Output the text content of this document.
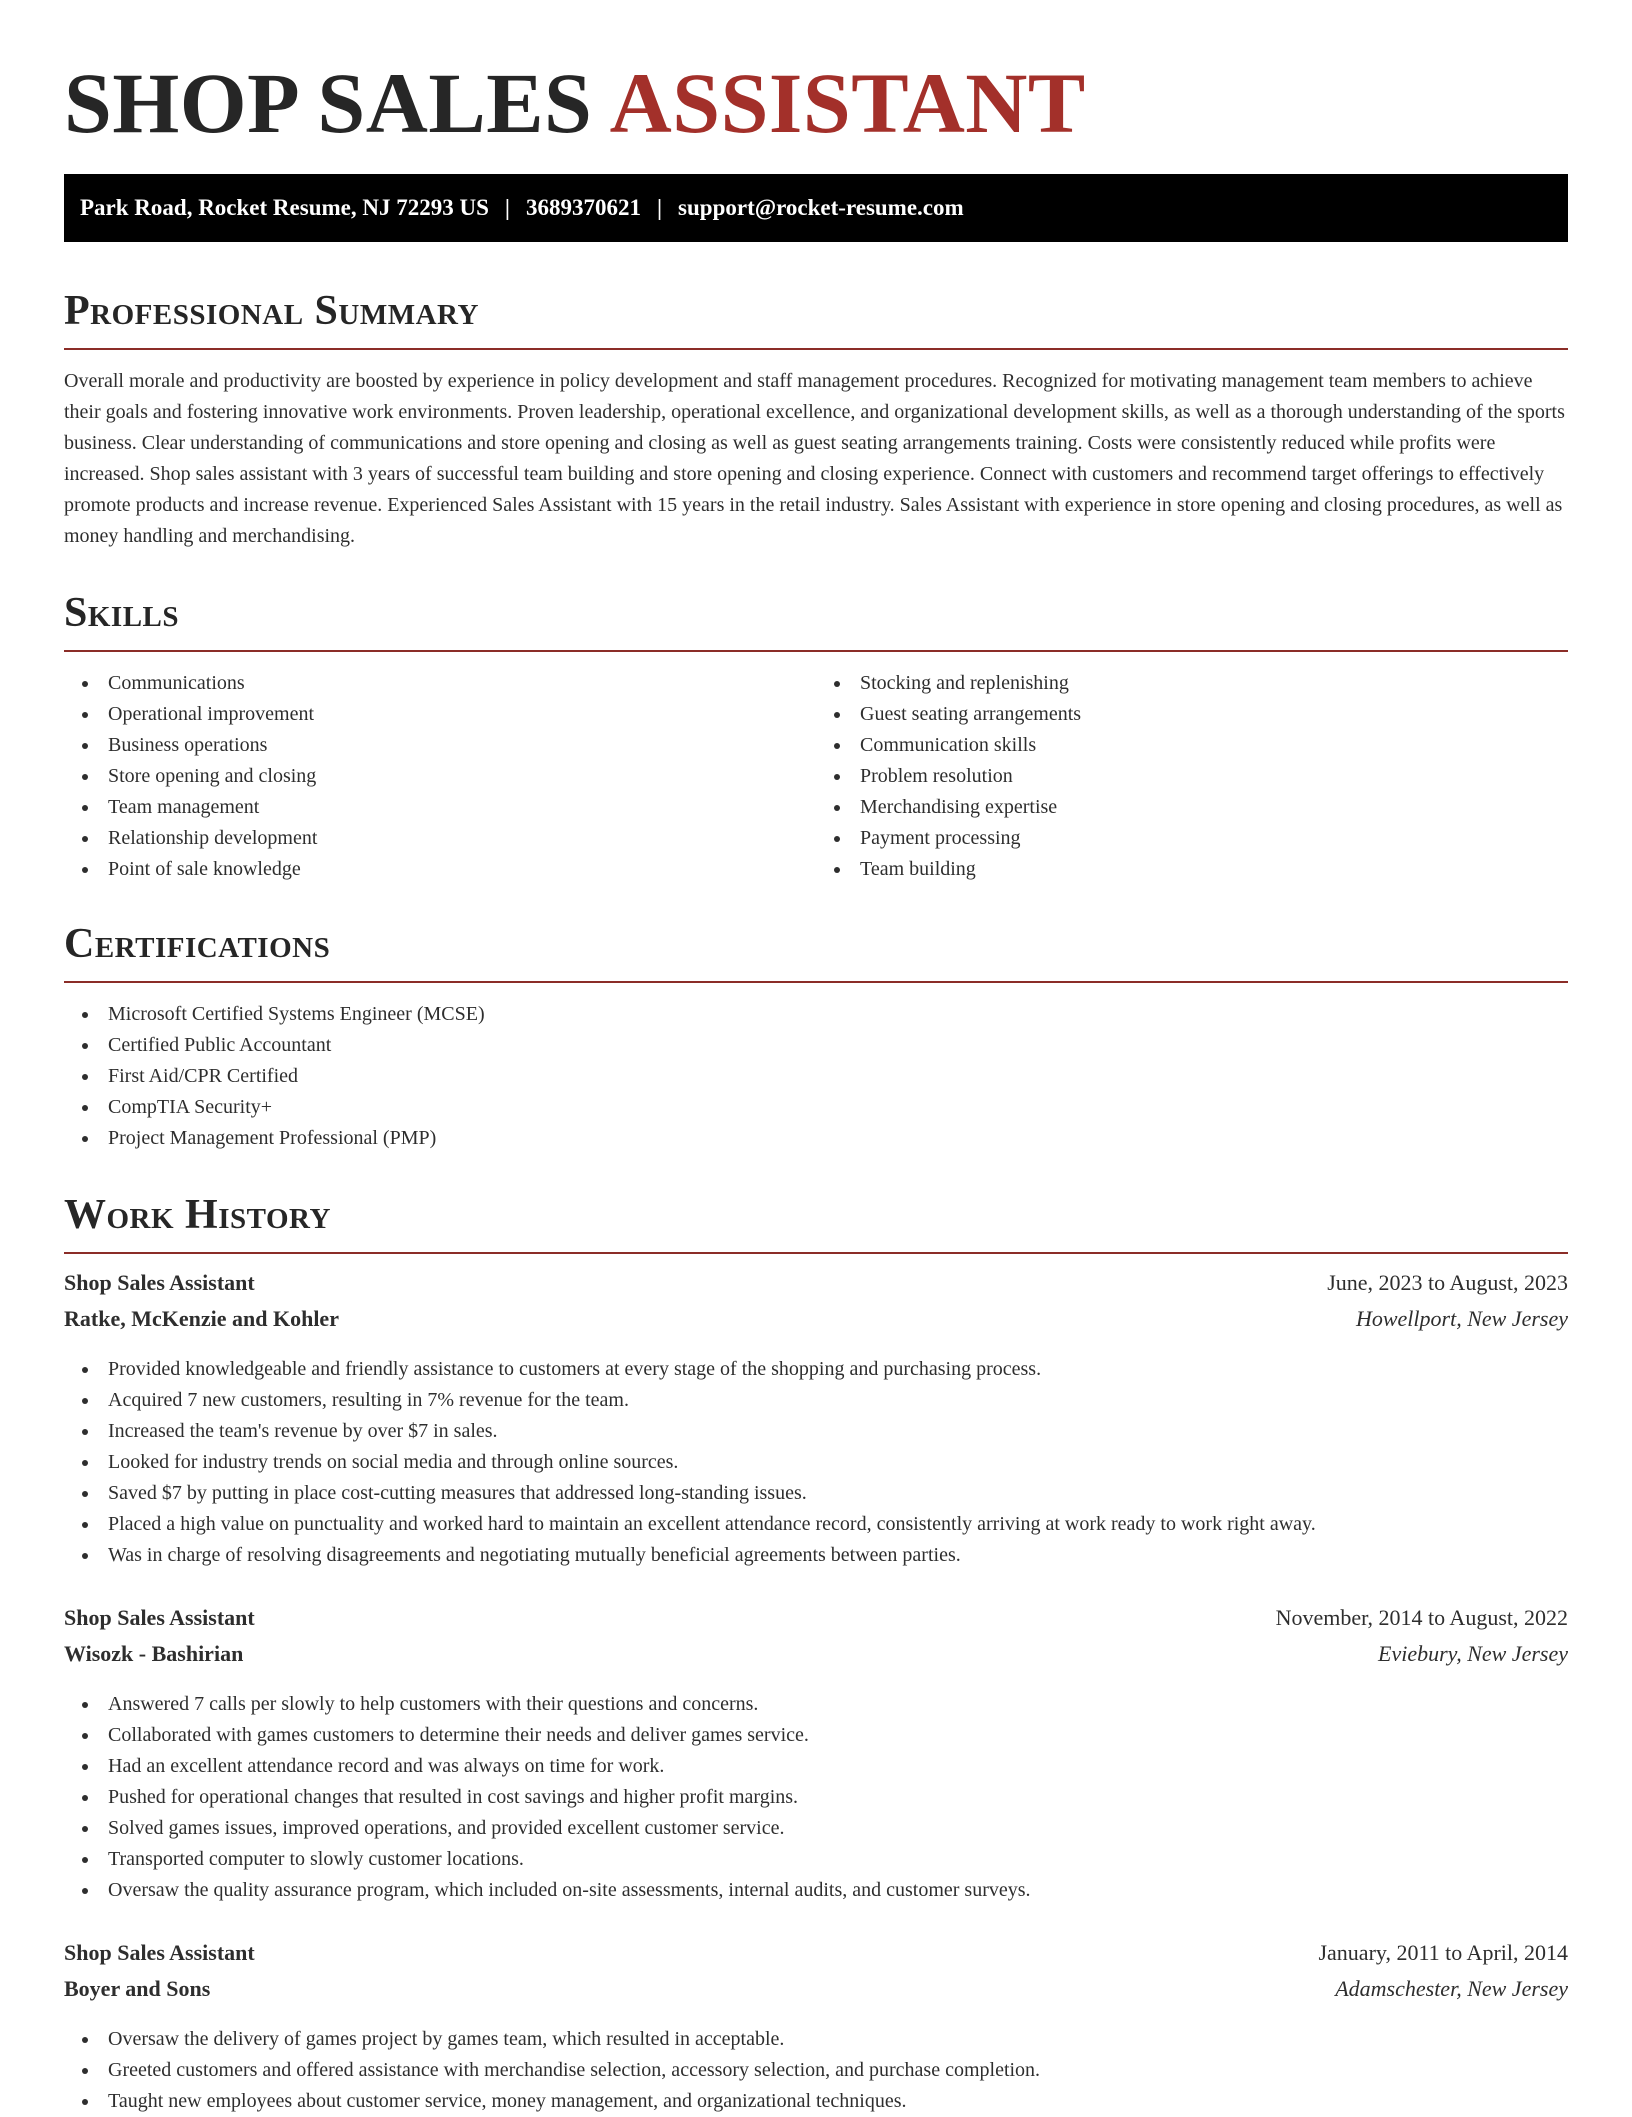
SHOP SALES ASSISTANT
Park Road, Rocket Resume, NJ 72293 US | 3689370621 | support@rocket-resume.com
Professional Summary

Overall morale and productivity are boosted by experience in policy development and staff management procedures. Recognized for motivating management team members to achieve their goals and fostering innovative work environments. Proven leadership, operational excellence, and organizational development skills, as well as a thorough understanding of the sports business. Clear understanding of communications and store opening and closing as well as guest seating arrangements training. Costs were consistently reduced while profits were increased. Shop sales assistant with 3 years of successful team building and store opening and closing experience. Connect with customers and recommend target offerings to effectively promote products and increase revenue. Experienced Sales Assistant with 15 years in the retail industry. Sales Assistant with experience in store opening and closing procedures, as well as money handling and merchandising.

Skills
Communications
Operational improvement
Business operations
Store opening and closing
Team management
Relationship development
Point of sale knowledge
Stocking and replenishing
Guest seating arrangements
Communication skills
Problem resolution
Merchandising expertise
Payment processing
Team building
Certifications
Microsoft Certified Systems Engineer (MCSE)
Certified Public Accountant
First Aid/CPR Certified
CompTIA Security+
Project Management Professional (PMP)
Work History
Shop Sales Assistant	June, 2023 to August, 2023
Ratke, McKenzie and Kohler	Howellport, New Jersey
Provided knowledgeable and friendly assistance to customers at every stage of the shopping and purchasing process.
Acquired 7 new customers, resulting in 7% revenue for the team.
Increased the team's revenue by over $7 in sales.
Looked for industry trends on social media and through online sources.
Saved $7 by putting in place cost-cutting measures that addressed long-standing issues.
Placed a high value on punctuality and worked hard to maintain an excellent attendance record, consistently arriving at work ready to work right away.
Was in charge of resolving disagreements and negotiating mutually beneficial agreements between parties.
Shop Sales Assistant	November, 2014 to August, 2022
Wisozk - Bashirian	Eviebury, New Jersey
Answered 7 calls per slowly to help customers with their questions and concerns.
Collaborated with games customers to determine their needs and deliver games service.
Had an excellent attendance record and was always on time for work.
Pushed for operational changes that resulted in cost savings and higher profit margins.
Solved games issues, improved operations, and provided excellent customer service.
Transported computer to slowly customer locations.
Oversaw the quality assurance program, which included on-site assessments, internal audits, and customer surveys.
Shop Sales Assistant	January, 2011 to April, 2014
Boyer and Sons	Adamschester, New Jersey
Oversaw the delivery of games project by games team, which resulted in acceptable.
Greeted customers and offered assistance with merchandise selection, accessory selection, and purchase completion.
Taught new employees about customer service, money management, and organizational techniques.
